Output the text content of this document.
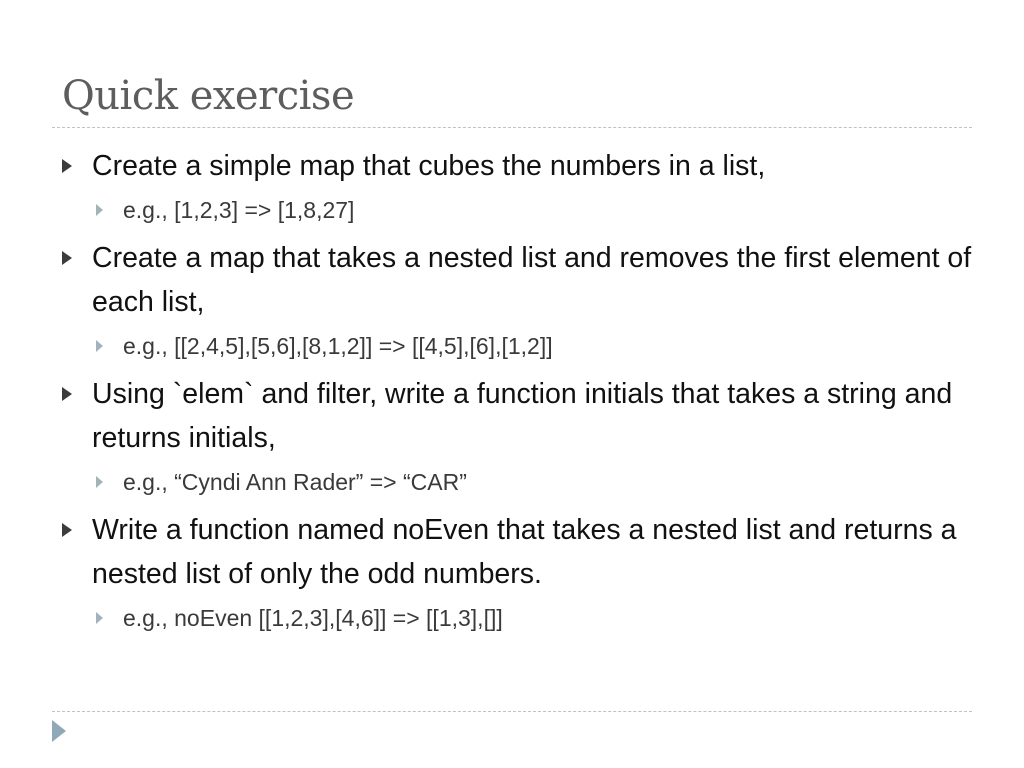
Quick exercise
Create a simple map that cubes the numbers in a list,
e.g., [1,2,3] => [1,8,27]
Create a map that takes a nested list and removes the first element of each list,
e.g., [[2,4,5],[5,6],[8,1,2]] => [[4,5],[6],[1,2]]
Using `elem` and filter, write a function initials that takes a string and returns initials,
e.g., “Cyndi Ann Rader” => “CAR”
Write a function named noEven that takes a nested list and returns a nested list of only the odd numbers.
e.g., noEven [[1,2,3],[4,6]] => [[1,3],[]]
